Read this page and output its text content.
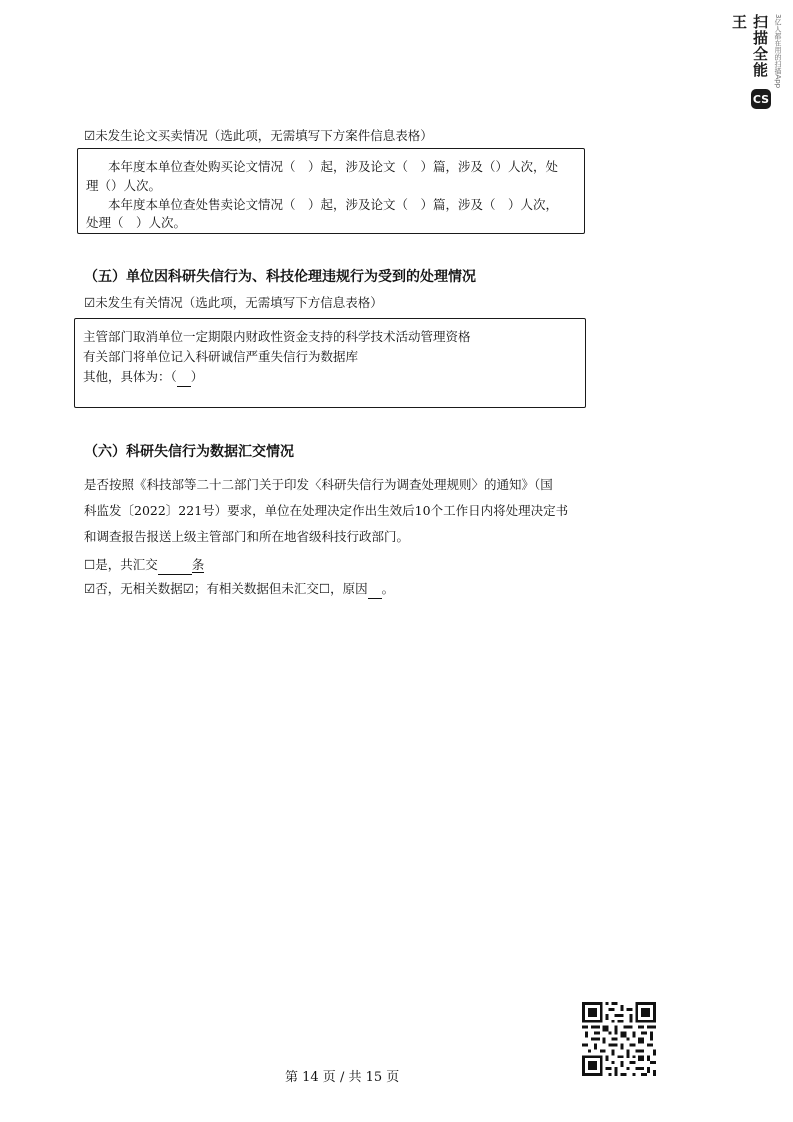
扫描全能王
CS
3亿人都在用的扫描App
☑未发生论文买卖情况（选此项，无需填写下方案件信息表格）
本年度本单位查处购买论文情况（　）起，涉及论文（　）篇，涉及（）人次，处
理（）人次。
本年度本单位查处售卖论文情况（　）起，涉及论文（　）篇，涉及（　）人次，
处理（　）人次。
（五）单位因科研失信行为、科技伦理违规行为受到的处理情况
☑未发生有关情况（选此项，无需填写下方信息表格）
主管部门取消单位一定期限内财政性资金支持的科学技术活动管理资格
有关部门将单位记入科研诚信严重失信行为数据库
其他，具体为：（ ）
（六）科研失信行为数据汇交情况
是否按照《科技部等二十二部门关于印发〈科研失信行为调查处理规则〉的通知》（国
科监发〔2022〕221号）要求，单位在处理决定作出生效后10个工作日内将处理决定书
和调查报告报送上级主管部门和所在地省级科技行政部门。
☐是，共汇交	条
☑否，无相关数据☑；有相关数据但未汇交☐，原因 。
第 14 页 / 共 15 页
